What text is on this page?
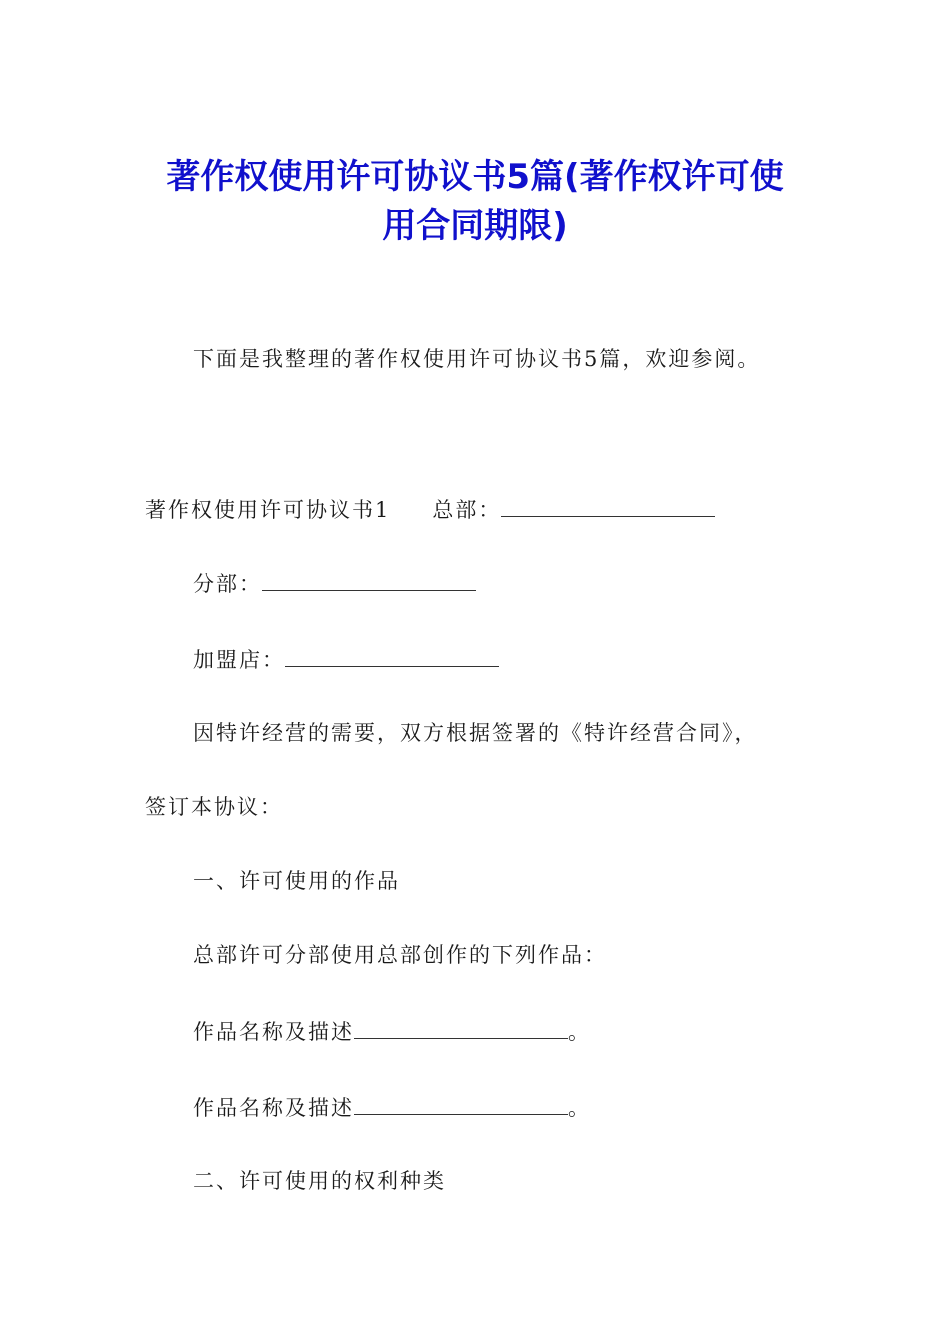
著作权使用许可协议书5篇(著作权许可使
用合同期限)

下面是我整理的著作权使用许可协议书5篇，欢迎参阅。

著作权使用许可协议书1 总部：

分部：

加盟店：

因特许经营的需要，双方根据签署的《特许经营合同》，

签订本协议：

一、许可使用的作品

总部许可分部使用总部创作的下列作品：

作品名称及描述	。

作品名称及描述	。

二、许可使用的权利种类
